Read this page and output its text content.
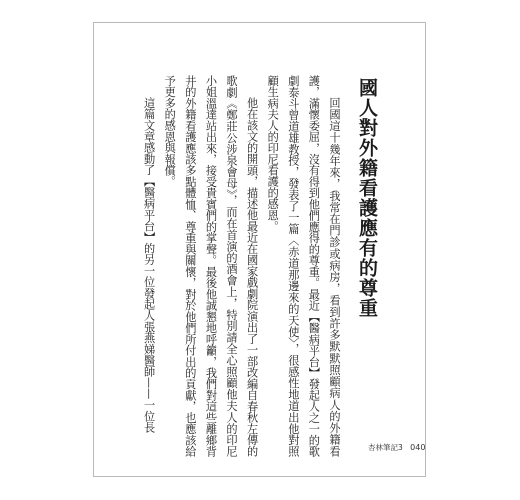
國人對外籍看護應有的尊重

回國這十幾年來，我常在門診或病房，看到許多默默照顧病人的外籍看護，滿懷委屈，沒有得到他們應得的尊重。最近【醫病平台】發起人之一的歌劇泰斗曾道雄教授，發表了一篇〈赤道那邊來的天使〉，很感性地道出他對照顧生病夫人的印尼看護的感恩。

他在該文的開頭，描述他最近在國家戲劇院演出了一部改編自春秋左傳的歌劇《鄭莊公涉泉會母》，而在首演的酒會上，特別請全心照顧他夫人的印尼小姐溫達站出來，接受貴賓們的掌聲。最後他誠懇地呼籲，我們對這些離鄉背井的外籍看護應該多點體恤、尊重與關懷，對於他們所付出的貢獻，也應該給予更多的感恩與報償。

這篇文章感動了【醫病平台】的另一位發起人張燕娣醫師——一位長

杏林筆記3 040
